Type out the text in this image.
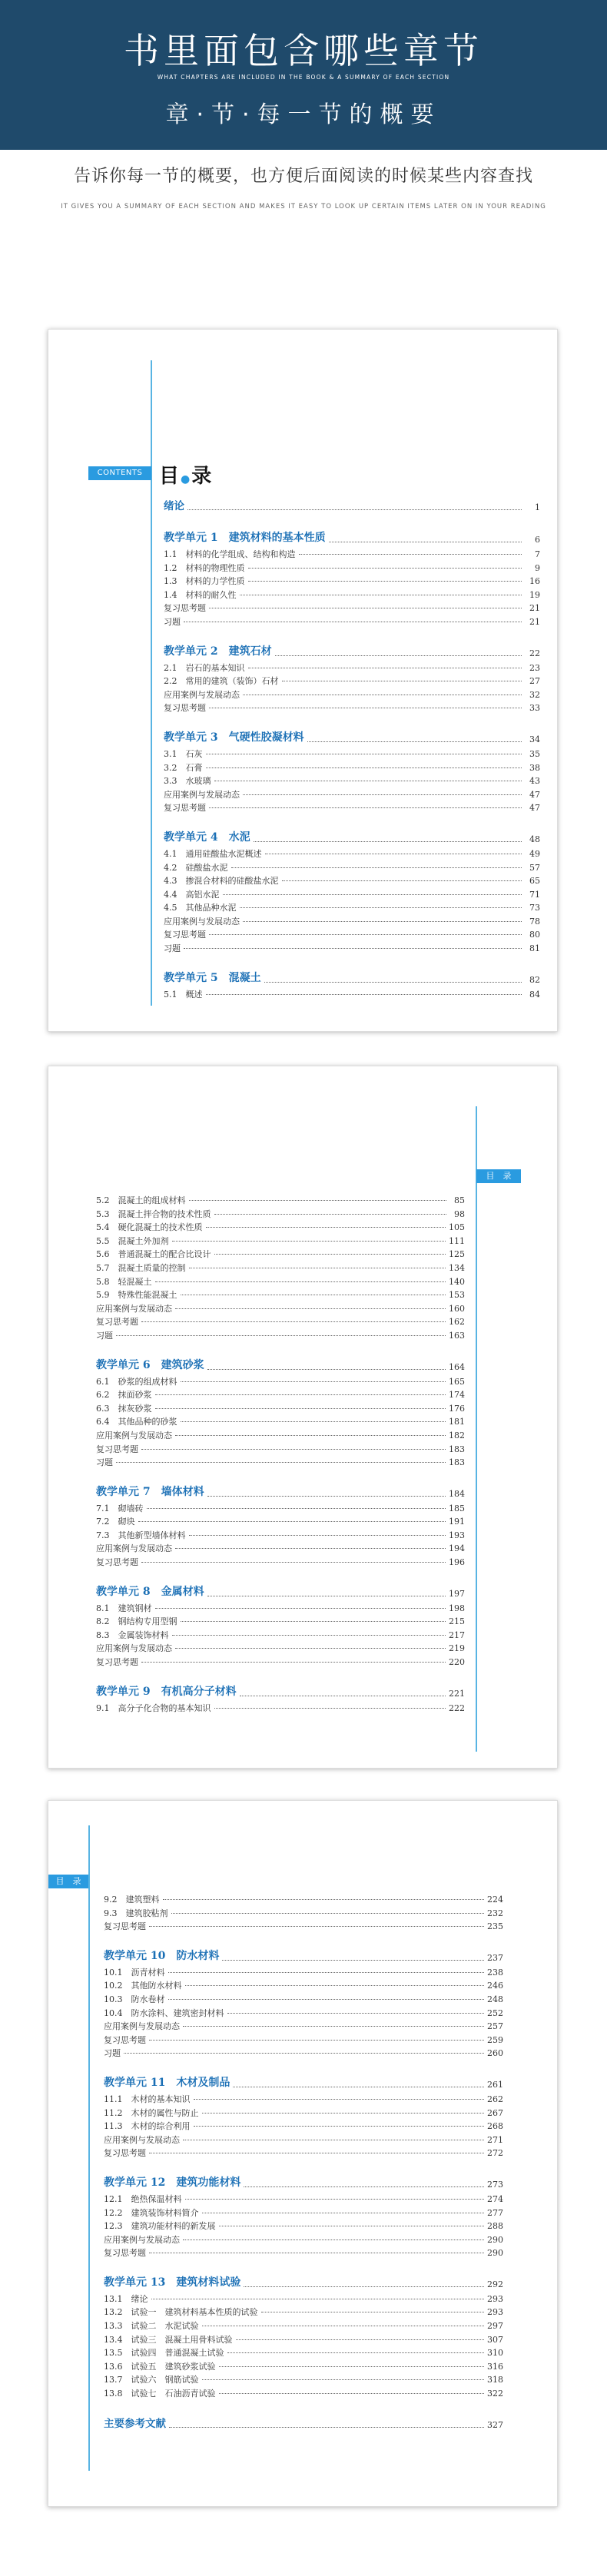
书里面包含哪些章节
WHAT CHAPTERS ARE INCLUDED IN THE BOOK & A SUMMARY OF EACH SECTION
章·节·每一节的概要
告诉你每一节的概要，也方便后面阅读的时候某些内容查找
IT GIVES YOU A SUMMARY OF EACH SECTION AND MAKES IT EASY TO LOOK UP CERTAIN ITEMS LATER ON IN YOUR READING
CONTENTS 目 ●录
绪论	1
教学单元 1　建筑材料的基本性质	6
1.1　材料的化学组成、结构和构造	7
1.2　材料的物理性质	9
1.3　材料的力学性质	16
1.4　材料的耐久性	19
复习思考题	21
习题	21
教学单元 2　建筑石材	22
2.1　岩石的基本知识	23
2.2　常用的建筑（装饰）石材	27
应用案例与发展动态	32
复习思考题	33
教学单元 3　气硬性胶凝材料	34
3.1　石灰	35
3.2　石膏	38
3.3　水玻璃	43
应用案例与发展动态	47
复习思考题	47
教学单元 4　水泥	48
4.1　通用硅酸盐水泥概述	49
4.2　硅酸盐水泥	57
4.3　掺混合材料的硅酸盐水泥	65
4.4　高铝水泥	71
4.5　其他品种水泥	73
应用案例与发展动态	78
复习思考题	80
习题	81
教学单元 5　混凝土	82
5.1　概述	84
目　录
5.2　混凝土的组成材料	85
5.3　混凝土拌合物的技术性质	98
5.4　硬化混凝土的技术性质	105
5.5　混凝土外加剂	111
5.6　普通混凝土的配合比设计	125
5.7　混凝土质量的控制	134
5.8　轻混凝土	140
5.9　特殊性能混凝土	153
应用案例与发展动态	160
复习思考题	162
习题	163
教学单元 6　建筑砂浆	164
6.1　砂浆的组成材料	165
6.2　抹面砂浆	174
6.3　抹灰砂浆	176
6.4　其他品种的砂浆	181
应用案例与发展动态	182
复习思考题	183
习题	183
教学单元 7　墙体材料	184
7.1　砌墙砖	185
7.2　砌块	191
7.3　其他新型墙体材料	193
应用案例与发展动态	194
复习思考题	196
教学单元 8　金属材料	197
8.1　建筑钢材	198
8.2　钢结构专用型钢	215
8.3　金属装饰材料	217
应用案例与发展动态	219
复习思考题	220
教学单元 9　有机高分子材料	221
9.1　高分子化合物的基本知识	222
目　录
9.2　建筑塑料	224
9.3　建筑胶粘剂	232
复习思考题	235
教学单元 10　防水材料	237
10.1　沥青材料	238
10.2　其他防水材料	246
10.3　防水卷材	248
10.4　防水涂料、建筑密封材料	252
应用案例与发展动态	257
复习思考题	259
习题	260
教学单元 11　木材及制品	261
11.1　木材的基本知识	262
11.2　木材的属性与防止	267
11.3　木材的综合利用	268
应用案例与发展动态	271
复习思考题	272
教学单元 12　建筑功能材料	273
12.1　绝热保温材料	274
12.2　建筑装饰材料简介	277
12.3　建筑功能材料的新发展	288
应用案例与发展动态	290
复习思考题	290
教学单元 13　建筑材料试验	292
13.1　绪论	293
13.2　试验一　建筑材料基本性质的试验	293
13.3　试验二　水泥试验	297
13.4　试验三　混凝土用骨料试验	307
13.5　试验四　普通混凝土试验	310
13.6　试验五　建筑砂浆试验	316
13.7　试验六　钢筋试验	318
13.8　试验七　石油沥青试验	322
主要参考文献	327
